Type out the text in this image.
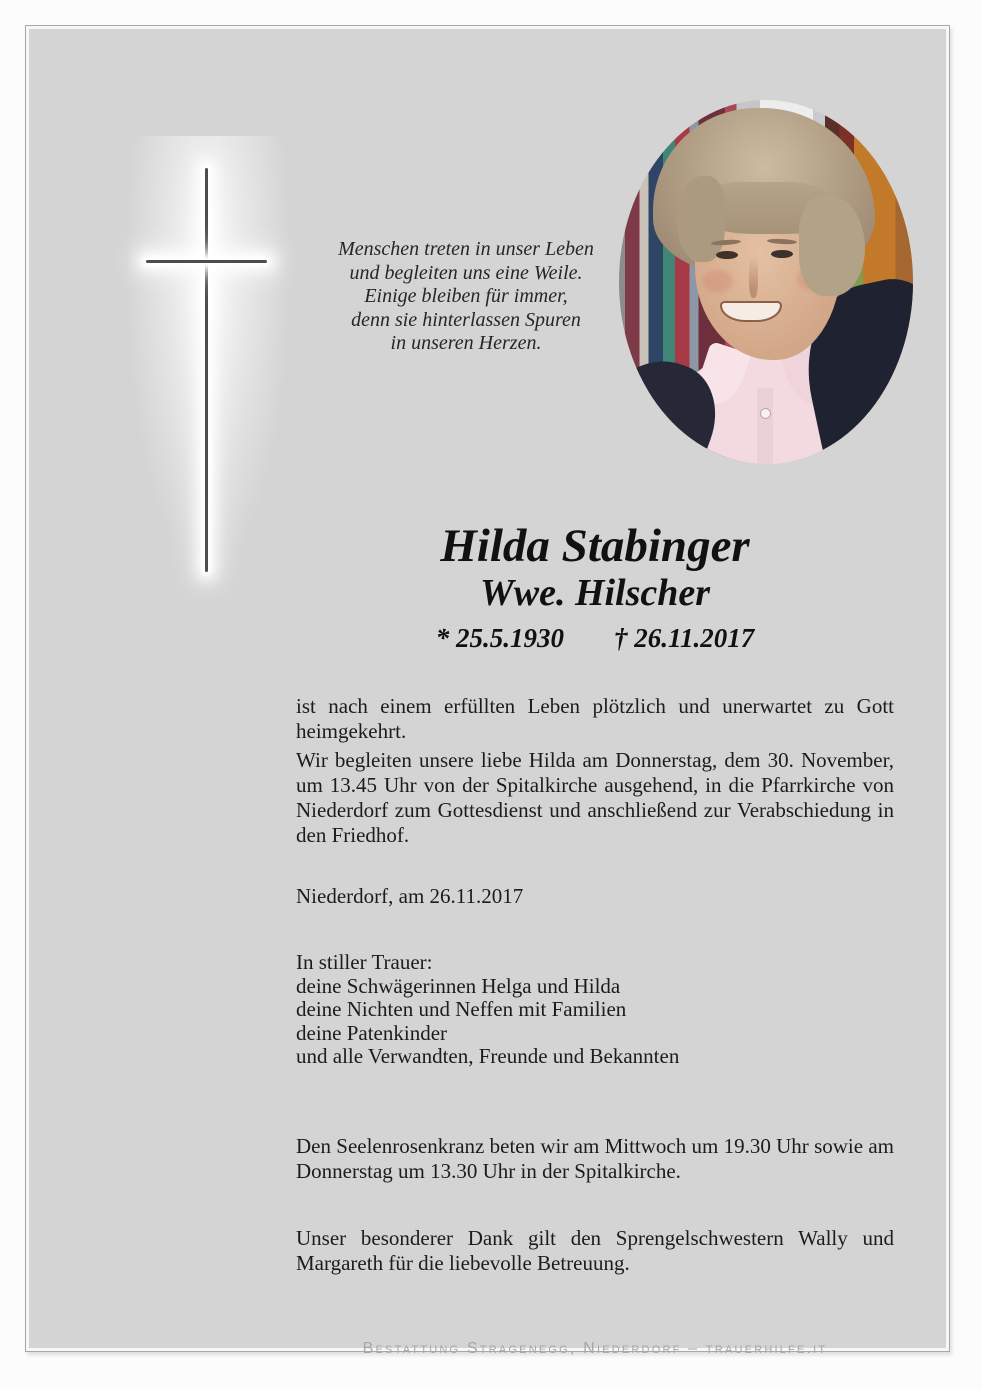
Menschen treten in unser Leben
und begleiten uns eine Weile.
Einige bleiben für immer,
denn sie hinterlassen Spuren
in unseren Herzen.
Hilda Stabinger
Wwe. Hilscher
* 25.5.1930 † 26.11.2017
ist nach einem erfüllten Leben plötzlich und unerwartet zu Gott heimgekehrt.
Wir begleiten unsere liebe Hilda am Donnerstag, dem 30. November, um 13.45 Uhr von der Spitalkirche ausgehend, in die Pfarrkirche von Niederdorf zum Gottesdienst und anschließend zur Verabschiedung in den Friedhof.
Niederdorf, am 26.11.2017
In stiller Trauer:
deine Schwägerinnen Helga und Hilda
deine Nichten und Neffen mit Familien
deine Patenkinder
und alle Verwandten, Freunde und Bekannten
Den Seelenrosenkranz beten wir am Mittwoch um 19.30 Uhr sowie am Donnerstag um 13.30 Uhr in der Spitalkirche.
Unser besonderer Dank gilt den Sprengelschwestern Wally und Margareth für die liebevolle Betreuung.
Bestattung Stragenegg, Niederdorf – trauerhilfe.it
